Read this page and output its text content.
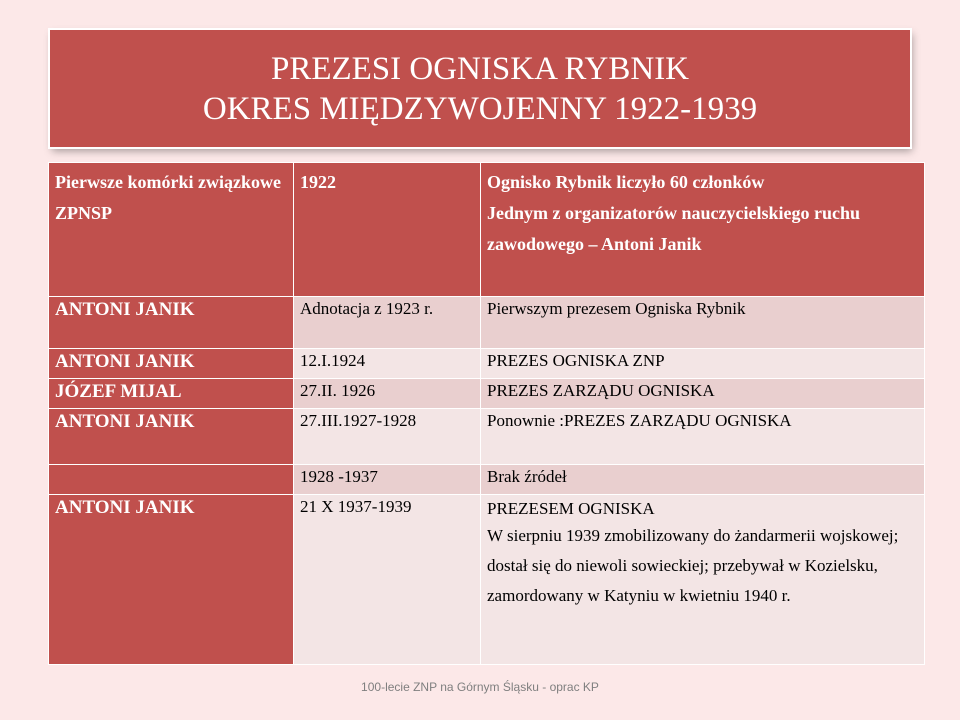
PREZESI OGNISKA RYBNIK
OKRES MIĘDZYWOJENNY 1922-1939
Pierwsze komórki związkowe ZPNSP	1922	Ognisko Rybnik liczyło 60 członków
Jednym z organizatorów nauczycielskiego ruchu zawodowego – Antoni Janik

ANTONI JANIK	Adnotacja z 1923 r.	Pierwszym prezesem Ogniska Rybnik
ANTONI JANIK	12.I.1924	PREZES OGNISKA ZNP
JÓZEF MIJAL	27.II. 1926	PREZES ZARZĄDU OGNISKA
ANTONI JANIK	27.III.1927-1928	Ponownie :PREZES ZARZĄDU OGNISKA
	1928 -1937	Brak źródeł
ANTONI JANIK	21 X 1937-1939	PREZESEM OGNISKA
W sierpniu 1939 zmobilizowany do żandarmerii wojskowej; dostał się do niewoli sowieckiej; przebywał w Kozielsku, zamordowany w Katyniu w kwietniu 1940 r.
100-lecie ZNP na Górnym Śląsku - oprac KP
